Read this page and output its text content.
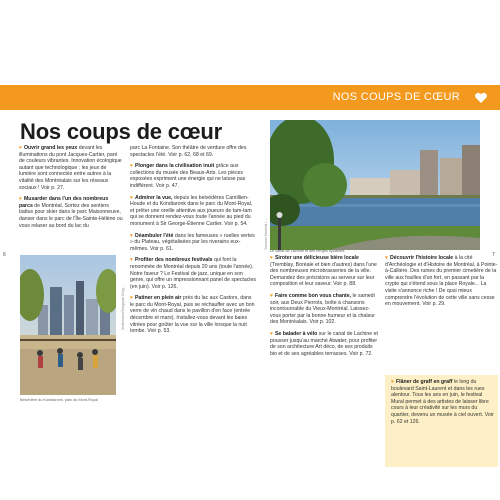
NOS COUPS DE CŒUR
6	7
Nos coups de cœur

♥ Ouvrir grand les yeux devant les illuminations du pont Jacques-Cartier, paré de couleurs vibrantes. Innovation écologique autant que technologique : les jeux de lumière sont connectés entre autres à la vitalité des Montréalais sur les réseaux sociaux ! Voir p. 27.

♥ Musarder dans l'un des nombreux parcs de Montréal. Sortez des sentiers battus pour skier dans le parc Maisonneuve, danser dans le parc de l'Île-Sainte-Hélène ou vous relaxer au bord du lac du

Belvédère du Kondiaronk, parc du Mont-Royal
Shutterstock/Songquan Deng ...

parc La Fontaine. Son théâtre de verdure offre des spectacles l'été. Voir p. 62, 68 et 69.

♥ Plonger dans la civilisation inuit grâce aux collections du musée des Beaux-Arts. Les pièces exposées expriment une énergie qui ne laisse pas indifférent. Voir p. 47.

♥ Admirer la vue, depuis les belvédères Camillien-Houde et du Kondiaronk dans le parc du Mont-Royal, et prêter une oreille attentive aux joueurs de tam-tam qui se donnent rendez-vous toute l'année au pied du monument à Sir George-Étienne Cartier. Voir p. 54.

♥ Déambuler l'été dans les fameuses « ruelles vertes » du Plateau, végétalisées par les riverains eux-mêmes. Voir p. 61.

♥ Profiter des nombreux festivals qui font la renommée de Montréal depuis 20 ans (toute l'année). Notre faveur ? Le Festival de jazz, unique en son genre, qui offre un impressionnant panel de spectacles (en juin). Voir p. 126.

♥ Patiner en plein air près du lac aux Castors, dans le parc du Mont-Royal, puis se réchauffer avec un bon verre de vin chaud dans le pavillon d'en face (entrée décembre et mars). Installez-vous devant les baies vitrées pour goûter la vue sur la ville lorsque la nuit tombe. Voir p. 53.

Le canal de Lachine et ses berges cyclables
Tourisme Montréal / ...

♥ Siroter une délicieuse bière locale (Tremblay, Boréale et bien d'autres) dans l'une des nombreuses microbrasseries de la ville. Demandez des précisions au serveur sur leur composition et leur saveur. Voir p. 88.

♥ Faire comme bon vous chante, le samedi soir, aux Deux Pierrots, boîte à chansons incontournable du Vieux-Montréal. Laissez-vous porter par la bonne humeur et la chaleur des Montréalais. Voir p. 102.

♥ Se balader à vélo sur le canal de Lachine et pousser jusqu'au marché Atwater, pour profiter de son architecture Art déco, de ses produits bio et de ses agréables terrasses. Voir p. 72.

♥ Découvrir l'histoire locale à la cité d'Archéologie et d'Histoire de Montréal, à Pointe-à-Callière. Des ruines du premier cimetière de la ville aux fouilles d'un fort, en passant par la crypte qui s'étend sous la place Royale... La visite s'annonce riche ! De quoi mieux comprendre l'évolution de cette ville sans cesse en mouvement. Voir p. 29.

♥ Flâner de graff en graff le long du boulevard Saint-Laurent et dans les rues alentour. Tous les ans en juin, le festival Mural permet à des artistes de laisser libre cours à leur créativité sur les murs du quartier, devenu un musée à ciel ouvert. Voir p. 62 et 126.
